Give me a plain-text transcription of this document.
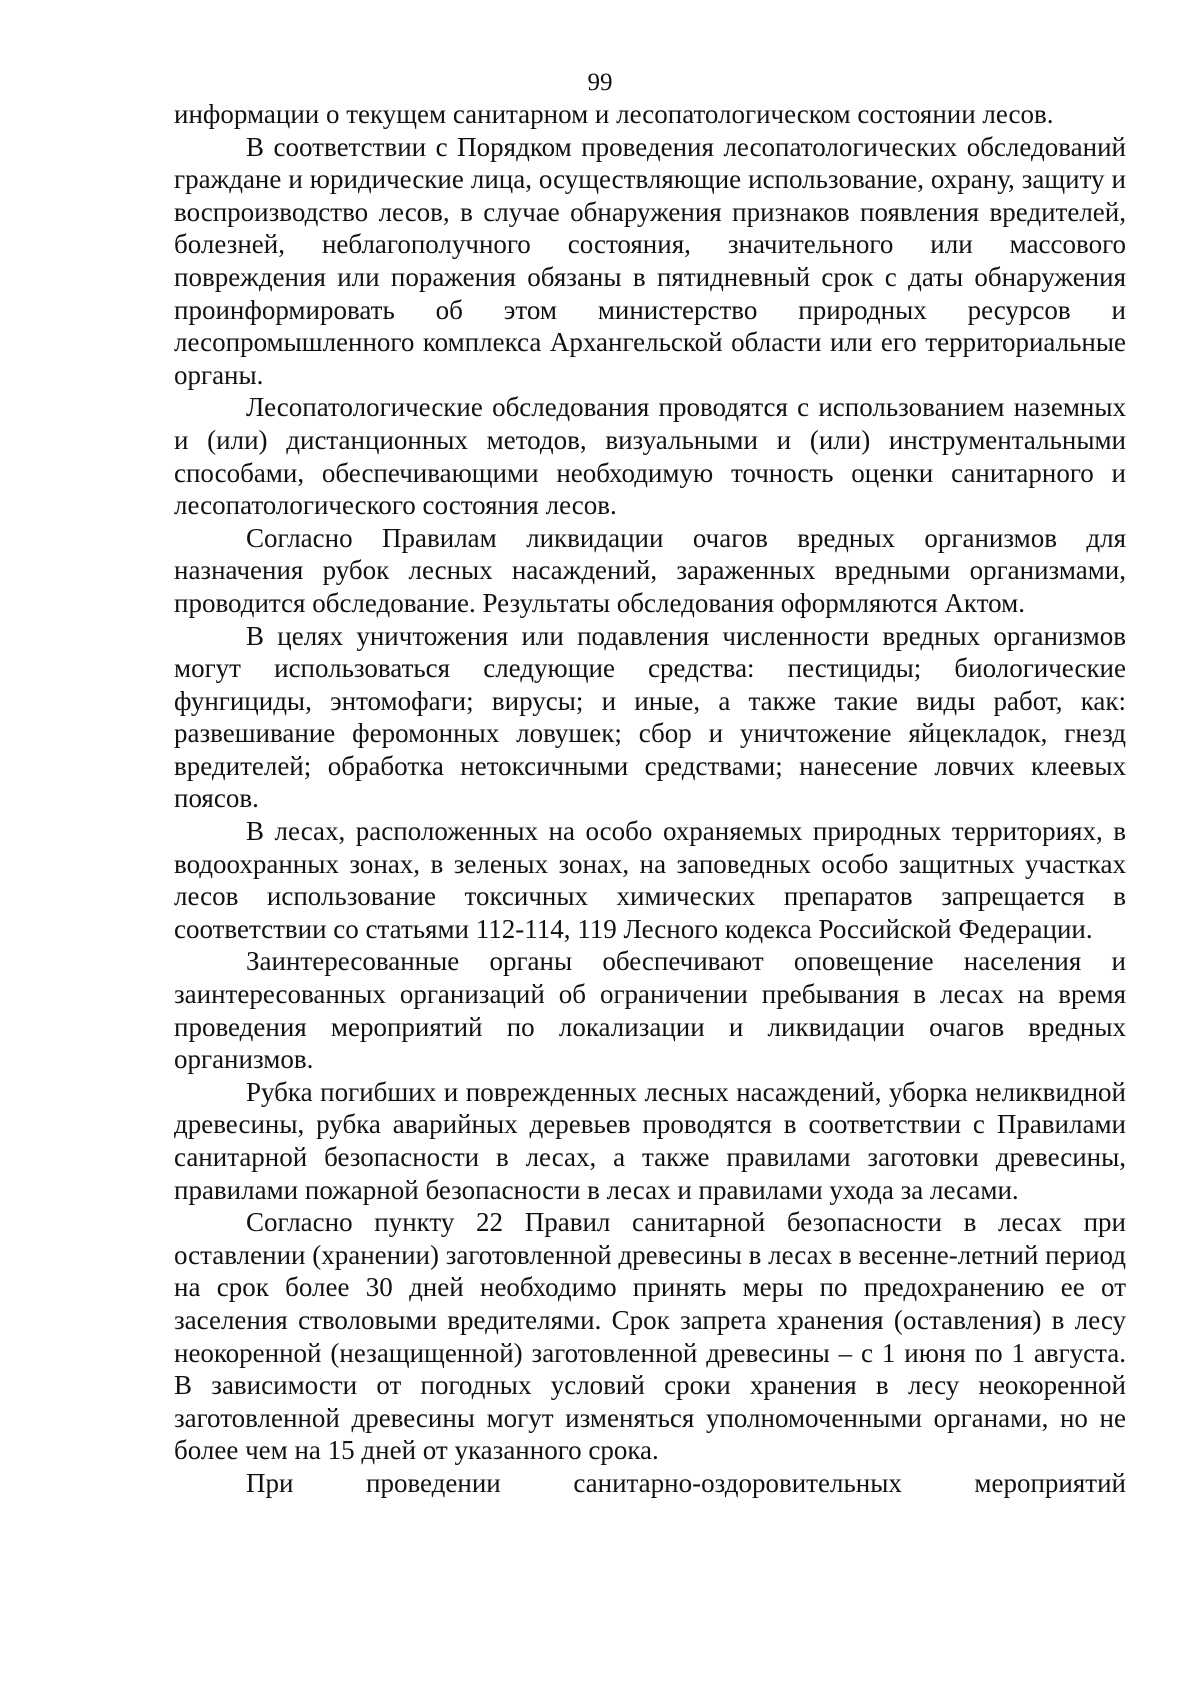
99

информации о текущем санитарном и лесопатологическом состоянии лесов.

В соответствии с Порядком проведения лесопатологических обследований граждане и юридические лица, осуществляющие использование, охрану, защиту и воспроизводство лесов, в случае обнаружения признаков появления вредителей, болезней, неблагополучного состояния, значительного или массового повреждения или поражения обязаны в пятидневный срок с даты обнаружения проинформировать об этом министерство природных ресурсов и лесопромышленного комплекса Архангельской области или его территориальные органы.

Лесопатологические обследования проводятся с использованием наземных и (или) дистанционных методов, визуальными и (или) инструментальными способами, обеспечивающими необходимую точность оценки санитарного и лесопатологического состояния лесов.

Согласно Правилам ликвидации очагов вредных организмов для назначения рубок лесных насаждений, зараженных вредными организмами, проводится обследование. Результаты обследования оформляются Актом.

В целях уничтожения или подавления численности вредных организмов могут использоваться следующие средства: пестициды; биологические фунгициды, энтомофаги; вирусы; и иные, а также такие виды работ, как: развешивание феромонных ловушек; сбор и уничтожение яйцекладок, гнезд вредителей; обработка нетоксичными средствами; нанесение ловчих клеевых поясов.

В лесах, расположенных на особо охраняемых природных территориях, в водоохранных зонах, в зеленых зонах, на заповедных особо защитных участках лесов использование токсичных химических препаратов запрещается в соответствии со статьями 112-114, 119 Лесного кодекса Российской Федерации.

Заинтересованные органы обеспечивают оповещение населения и заинтересованных организаций об ограничении пребывания в лесах на время проведения мероприятий по локализации и ликвидации очагов вредных организмов.

Рубка погибших и поврежденных лесных насаждений, уборка неликвидной древесины, рубка аварийных деревьев проводятся в соответствии с Правилами санитарной безопасности в лесах, а также правилами заготовки древесины, правилами пожарной безопасности в лесах и правилами ухода за лесами.

Согласно пункту 22 Правил санитарной безопасности в лесах при оставлении (хранении) заготовленной древесины в лесах в весенне-летний период на срок более 30 дней необходимо принять меры по предохранению ее от заселения стволовыми вредителями. Срок запрета хранения (оставления) в лесу неокоренной (незащищенной) заготовленной древесины – с 1 июня по 1 августа. В зависимости от погодных условий сроки хранения в лесу неокоренной заготовленной древесины могут изменяться уполномоченными органами, но не более чем на 15 дней от указанного срока.

При проведении санитарно-оздоровительных мероприятий
